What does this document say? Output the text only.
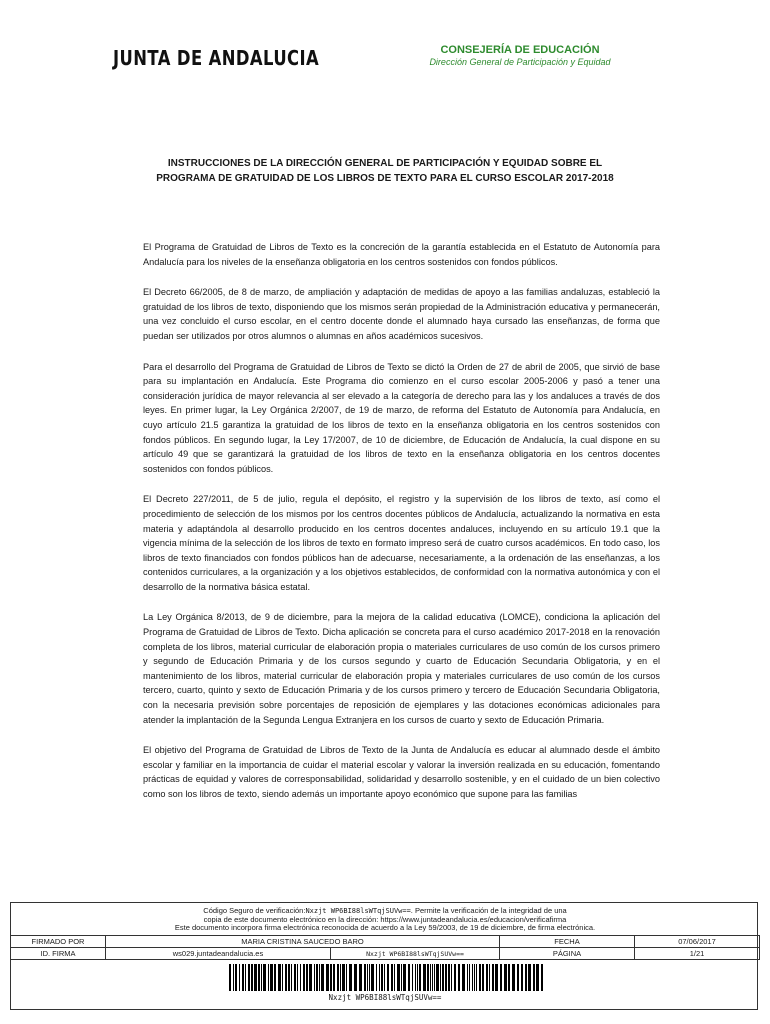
JUNTA DE ANDALUCIA	CONSEJERÍA DE EDUCACIÓN
Dirección General de Participación y Equidad
INSTRUCCIONES DE LA DIRECCIÓN GENERAL DE PARTICIPACIÓN Y EQUIDAD SOBRE EL
PROGRAMA DE GRATUIDAD DE LOS LIBROS DE TEXTO PARA EL CURSO ESCOLAR 2017-2018

El Programa de Gratuidad de Libros de Texto es la concreción de la garantía establecida en el Estatuto de Autonomía para Andalucía para los niveles de la enseñanza obligatoria en los centros sostenidos con fondos públicos.

El Decreto 66/2005, de 8 de marzo, de ampliación y adaptación de medidas de apoyo a las familias andaluzas, estableció la gratuidad de los libros de texto, disponiendo que los mismos serán propiedad de la Administración educativa y permanecerán, una vez concluido el curso escolar, en el centro docente donde el alumnado haya cursado las enseñanzas, de forma que puedan ser utilizados por otros alumnos o alumnas en años académicos sucesivos.

Para el desarrollo del Programa de Gratuidad de Libros de Texto se dictó la Orden de 27 de abril de 2005, que sirvió de base para su implantación en Andalucía. Este Programa dio comienzo en el curso escolar 2005-2006 y pasó a tener una consideración jurídica de mayor relevancia al ser elevado a la categoría de derecho para las y los andaluces a través de dos leyes. En primer lugar, la Ley Orgánica 2/2007, de 19 de marzo, de reforma del Estatuto de Autonomía para Andalucía, en cuyo artículo 21.5 garantiza la gratuidad de los libros de texto en la enseñanza obligatoria en los centros sostenidos con fondos públicos. En segundo lugar, la Ley 17/2007, de 10 de diciembre, de Educación de Andalucía, la cual dispone en su artículo 49 que se garantizará la gratuidad de los libros de texto en la enseñanza obligatoria en los centros docentes sostenidos con fondos públicos.

El Decreto 227/2011, de 5 de julio, regula el depósito, el registro y la supervisión de los libros de texto, así como el procedimiento de selección de los mismos por los centros docentes públicos de Andalucía, actualizando la normativa en esta materia y adaptándola al desarrollo producido en los centros docentes andaluces, incluyendo en su artículo 19.1 que la vigencia mínima de la selección de los libros de texto en formato impreso será de cuatro cursos académicos. En todo caso, los libros de texto financiados con fondos públicos han de adecuarse, necesariamente, a la ordenación de las enseñanzas, a los contenidos curriculares, a la organización y a los objetivos establecidos, de conformidad con la normativa autonómica y con el desarrollo de la normativa básica estatal.

La Ley Orgánica 8/2013, de 9 de diciembre, para la mejora de la calidad educativa (LOMCE), condiciona la aplicación del Programa de Gratuidad de Libros de Texto. Dicha aplicación se concreta para el curso académico 2017-2018 en la renovación completa de los libros, material curricular de elaboración propia o materiales curriculares de uso común de los cursos primero y segundo de Educación Primaria y de los cursos segundo y cuarto de Educación Secundaria Obligatoria, y en el mantenimiento de los libros, material curricular de elaboración propia y materiales curriculares de uso común de los cursos tercero, cuarto, quinto y sexto de Educación Primaria y de los cursos primero y tercero de Educación Secundaria Obligatoria, con la necesaria previsión sobre porcentajes de reposición de ejemplares y las dotaciones económicas adicionales para atender la implantación de la Segunda Lengua Extranjera en los cursos de cuarto y sexto de Educación Primaria.

El objetivo del Programa de Gratuidad de Libros de Texto de la Junta de Andalucía es educar al alumnado desde el ámbito escolar y familiar en la importancia de cuidar el material escolar y valorar la inversión realizada en su educación, fomentando prácticas de equidad y valores de corresponsabilidad, solidaridad y desarrollo sostenible, y en el cuidado de un bien colectivo como son los libros de texto, siendo además un importante apoyo económico que supone para las familias

Código Seguro de verificación:Nxzjt WP6BI88lsWTqjSUVw==. Permite la verificación de la integridad de una
copia de este documento electrónico en la dirección: https://www.juntadeandalucia.es/educacion/verificafirma
Este documento incorpora firma electrónica reconocida de acuerdo a la Ley 59/2003, de 19 de diciembre, de firma electrónica.
FIRMADO POR	MARIA CRISTINA SAUCEDO BARO		FECHA	07/06/2017
ID. FIRMA	ws029.juntadeandalucia.es	Nxzjt WP6BI88lsWTqjSUVw==	PÁGINA	1/21
Nxzjt WP6BI88lsWTqjSUVw==
